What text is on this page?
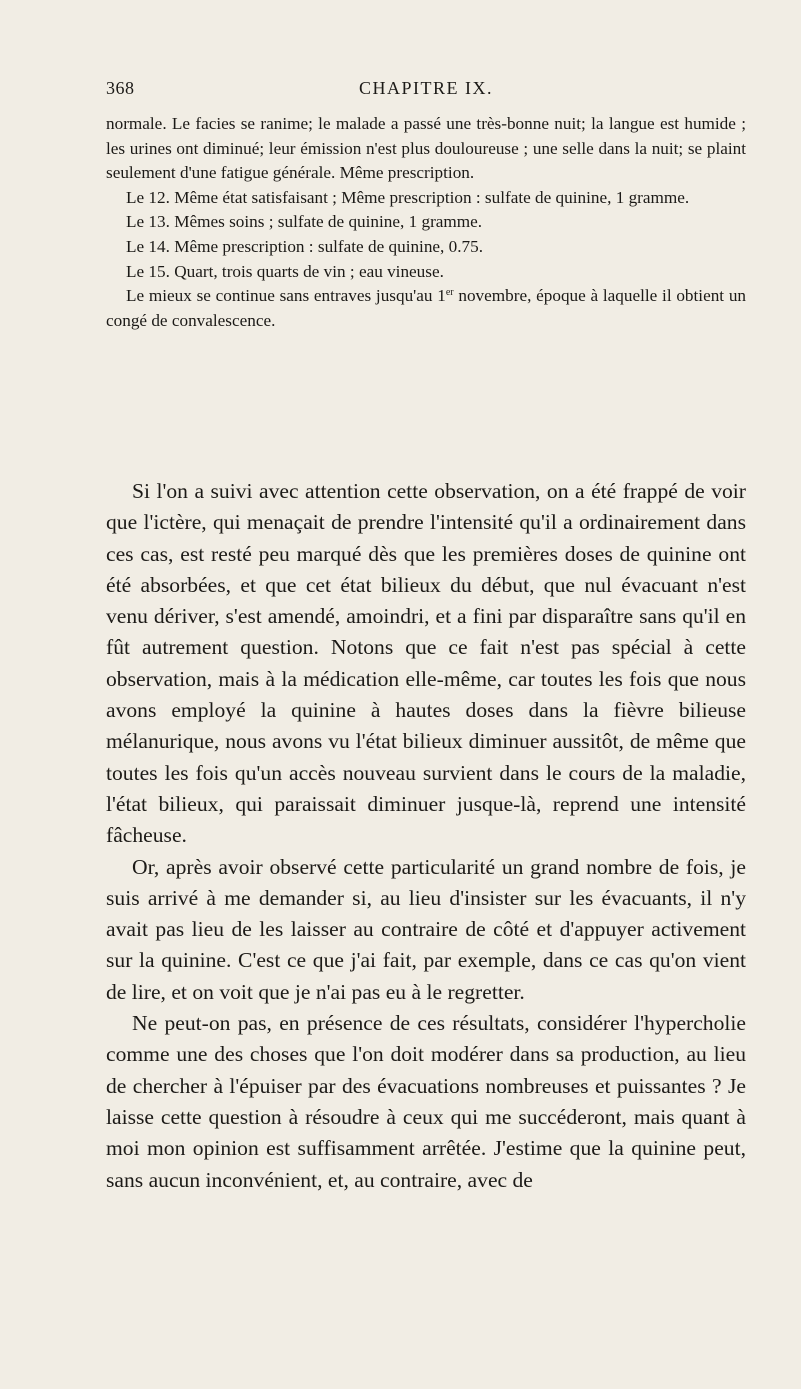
368	CHAPITRE IX.

normale. Le facies se ranime; le malade a passé une très-bonne nuit; la langue est humide ; les urines ont diminué; leur émission n'est plus douloureuse ; une selle dans la nuit; se plaint seulement d'une fatigue générale. Même prescription.

Le 12. Même état satisfaisant ; Même prescription : sulfate de quinine, 1 gramme.

Le 13. Mêmes soins ; sulfate de quinine, 1 gramme.

Le 14. Même prescription : sulfate de quinine, 0.75.

Le 15. Quart, trois quarts de vin ; eau vineuse.

Le mieux se continue sans entraves jusqu'au 1er novembre, époque à laquelle il obtient un congé de convalescence.

Si l'on a suivi avec attention cette observation, on a été frappé de voir que l'ictère, qui menaçait de prendre l'intensité qu'il a ordinairement dans ces cas, est resté peu marqué dès que les premières doses de quinine ont été absorbées, et que cet état bilieux du début, que nul évacuant n'est venu dériver, s'est amendé, amoindri, et a fini par disparaître sans qu'il en fût autrement question. Notons que ce fait n'est pas spécial à cette observation, mais à la médication elle-même, car toutes les fois que nous avons employé la quinine à hautes doses dans la fièvre bilieuse mélanurique, nous avons vu l'état bilieux diminuer aussitôt, de même que toutes les fois qu'un accès nouveau survient dans le cours de la maladie, l'état bilieux, qui paraissait diminuer jusque-là, reprend une intensité fâcheuse.

Or, après avoir observé cette particularité un grand nombre de fois, je suis arrivé à me demander si, au lieu d'insister sur les évacuants, il n'y avait pas lieu de les laisser au contraire de côté et d'appuyer activement sur la quinine. C'est ce que j'ai fait, par exemple, dans ce cas qu'on vient de lire, et on voit que je n'ai pas eu à le regretter.

Ne peut-on pas, en présence de ces résultats, considérer l'hypercholie comme une des choses que l'on doit modérer dans sa production, au lieu de chercher à l'épuiser par des évacuations nombreuses et puissantes ? Je laisse cette question à résoudre à ceux qui me succéderont, mais quant à moi mon opinion est suffisamment arrêtée. J'estime que la quinine peut, sans aucun inconvénient, et, au contraire, avec de
